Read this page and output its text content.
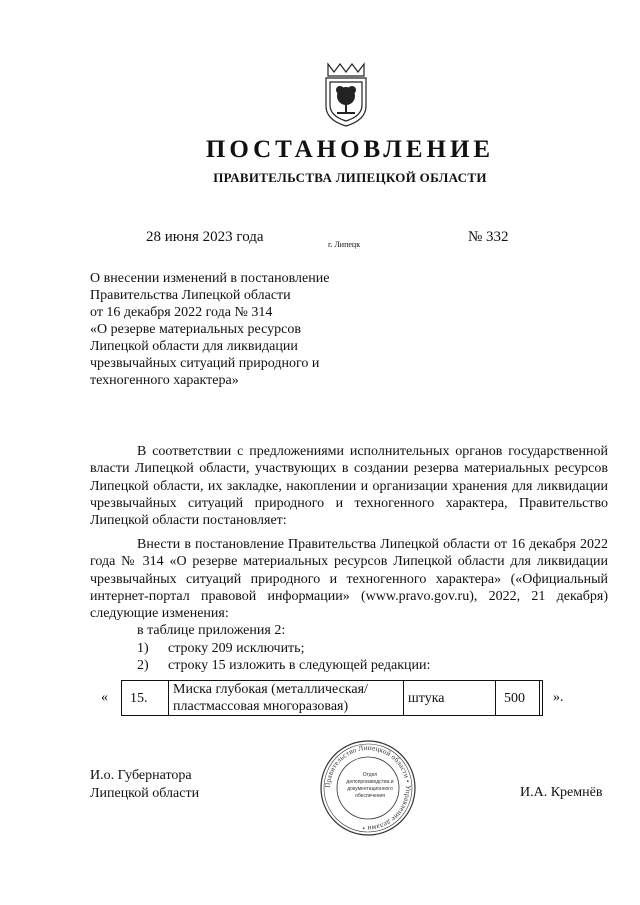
ПОСТАНОВЛЕНИЕ
ПРАВИТЕЛЬСТВА ЛИПЕЦКОЙ ОБЛАСТИ
28 июня 2023 года	г. Липецк	№ 332
О внесении изменений в постановление
Правительства Липецкой области
от 16 декабря 2022 года № 314
«О резерве материальных ресурсов
Липецкой области для ликвидации
чрезвычайных ситуаций природного и
техногенного характера»

В соответствии с предложениями исполнительных органов государственной власти Липецкой области, участвующих в создании резерва материальных ресурсов Липецкой области, их закладке, накоплении и организации хранения для ликвидации чрезвычайных ситуаций природного и техногенного характера, Правительство Липецкой области постановляет:

Внести в постановление Правительства Липецкой области от 16 декабря 2022 года № 314 «О резерве материальных ресурсов Липецкой области для ликвидации чрезвычайных ситуаций природного и техногенного характера» («Официальный интернет-портал правовой информации» (www.pravo.gov.ru), 2022, 21 декабря) следующие изменения:

в таблице приложения 2:
1) строку 209 исключить;
2) строку 15 изложить в следующей редакции:
« 15.	Миска глубокая (металлическая/ пластмассовая многоразовая)	штука	500	».
И.о. Губернатора
Липецкой области	И.А. Кремнёв
Правительство Липецкой области • Управление делами •
Отдел
делопроизводства и
документационного
обеспечения
